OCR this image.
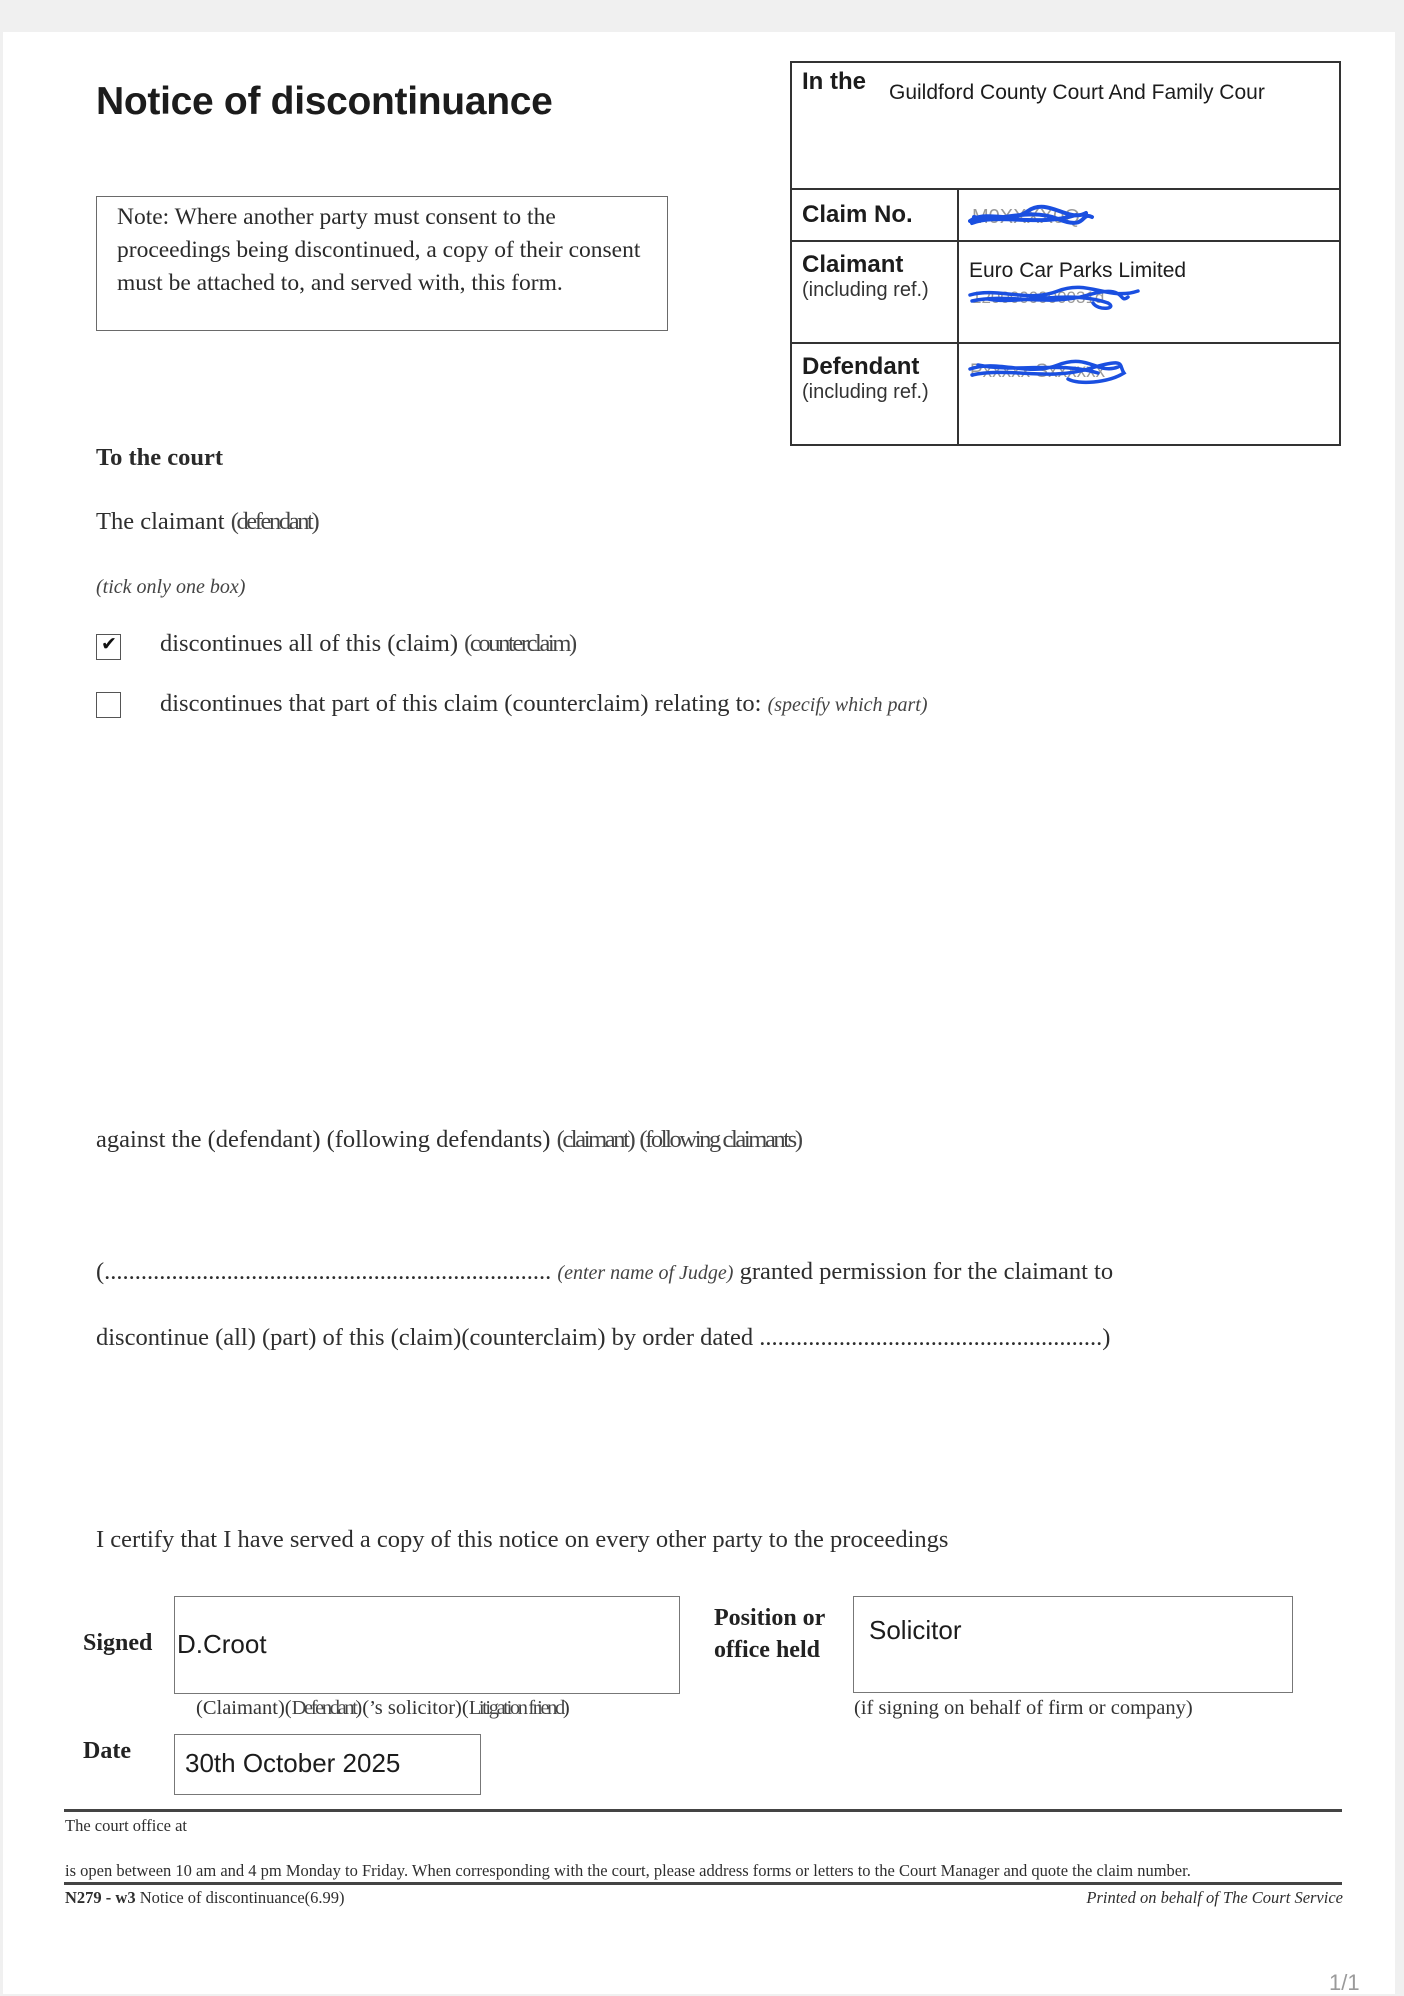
Notice of discontinuance
Note: Where another party must consent to the proceedings being discontinued, a copy of their consent must be attached to, and served with, this form.
In the Guildford County Court And Family Cour
Claim No.	M0XXXX0Q
Claimant
(including ref.)
Euro Car Parks Limited
1200000000031d
Defendant
(including ref.)
Pxxxxx Sxxxxxx
To the court
The claimant (defendant)
(tick only one box)
✔ discontinues all of this (claim) (counterclaim)
discontinues that part of this claim (counterclaim) relating to: (specify which part)
against the (defendant) (following defendants) (claimant) (following claimants)
(......................................................................... (enter name of Judge) granted permission for the claimant to
discontinue (all) (part) of this (claim)(counterclaim) by order dated ........................................................)
I certify that I have served a copy of this notice on every other party to the proceedings
Signed D.Croot
(Claimant)(Defendant)(’s solicitor)(Litigation friend)
Position or
office held
Solicitor
(if signing on behalf of firm or company)
Date 30th October 2025
The court office at
is open between 10 am and 4 pm Monday to Friday. When corresponding with the court, please address forms or letters to the Court Manager and quote the claim number.
N279 - w3 Notice of discontinuance(6.99)	Printed on behalf of The Court Service
1/1
